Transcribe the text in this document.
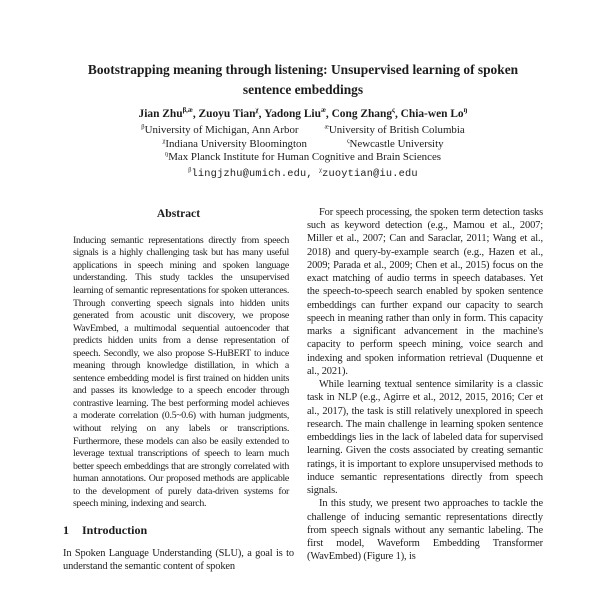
Bootstrapping meaning through listening: Unsupervised learning of spoken sentence embeddings
Jian Zhu$^{\beta,æ}$, Zuoyu Tian$^\chi$, Yadong Liu$^æ$, Cong Zhang$^\varsigma$, Chia-wen $Lo^ŋ$
$^\beta$University of Michigan, Ann Arbor	$^æ$University of British Columbia
$^\chi$Indiana University Bloomington	$^\varsigma$Newcastle University
$^ŋ$Max Planck Institute for Human Cognitive and Brain Sciences
$^\beta$lingjzhu@umich.edu, $^\chi$zuoytian@iu.edu
Abstract
Inducing semantic representations directly from speech signals is a highly challenging task but has many useful applications in speech mining and spoken language understanding. This study tackles the unsupervised learning of semantic representations for spoken utterances. Through converting speech signals into hidden units generated from acoustic unit discovery, we propose WavEmbed, a multimodal sequential autoencoder that predicts hidden units from a dense representation of speech. Secondly, we also propose S-HuBERT to induce meaning through knowledge distillation, in which a sentence embedding model is first trained on hidden units and passes its knowledge to a speech encoder through contrastive learning. The best performing model achieves a moderate correlation (0.5~0.6) with human judgments, without relying on any labels or transcriptions. Furthermore, these models can also be easily extended to leverage textual transcriptions of speech to learn much better speech embeddings that are strongly correlated with human annotations. Our proposed methods are applicable to the development of purely data-driven systems for speech mining, indexing and search.
1 Introduction

In Spoken Language Understanding (SLU), a goal is to understand the semantic content of spoken

For speech processing, the spoken term detection tasks such as keyword detection (e.g., Mamou et al., 2007; Miller et al., 2007; Can and Saraclar, 2011; Wang et al., 2018) and query-by-example search (e.g., Hazen et al., 2009; Parada et al., 2009; Chen et al., 2015) focus on the exact matching of audio terms in speech databases. Yet the speech-to-speech search enabled by spoken sentence embeddings can further expand our capacity to search speech in meaning rather than only in form. This capacity marks a significant advancement in the machine's capacity to perform speech mining, voice search and indexing and spoken information retrieval (Duquenne et al., 2021).

While learning textual sentence similarity is a classic task in NLP (e.g., Agirre et al., 2012, 2015, 2016; Cer et al., 2017), the task is still relatively unexplored in speech research. The main challenge in learning spoken sentence embeddings lies in the lack of labeled data for supervised learning. Given the costs associated by creating semantic ratings, it is important to explore unsupervised methods to induce semantic representations directly from speech signals.

In this study, we present two approaches to tackle the challenge of inducing semantic representations directly from speech signals without any semantic labeling. The first model, Waveform Embedding Transformer (WavEmbed) (Figure 1), is
